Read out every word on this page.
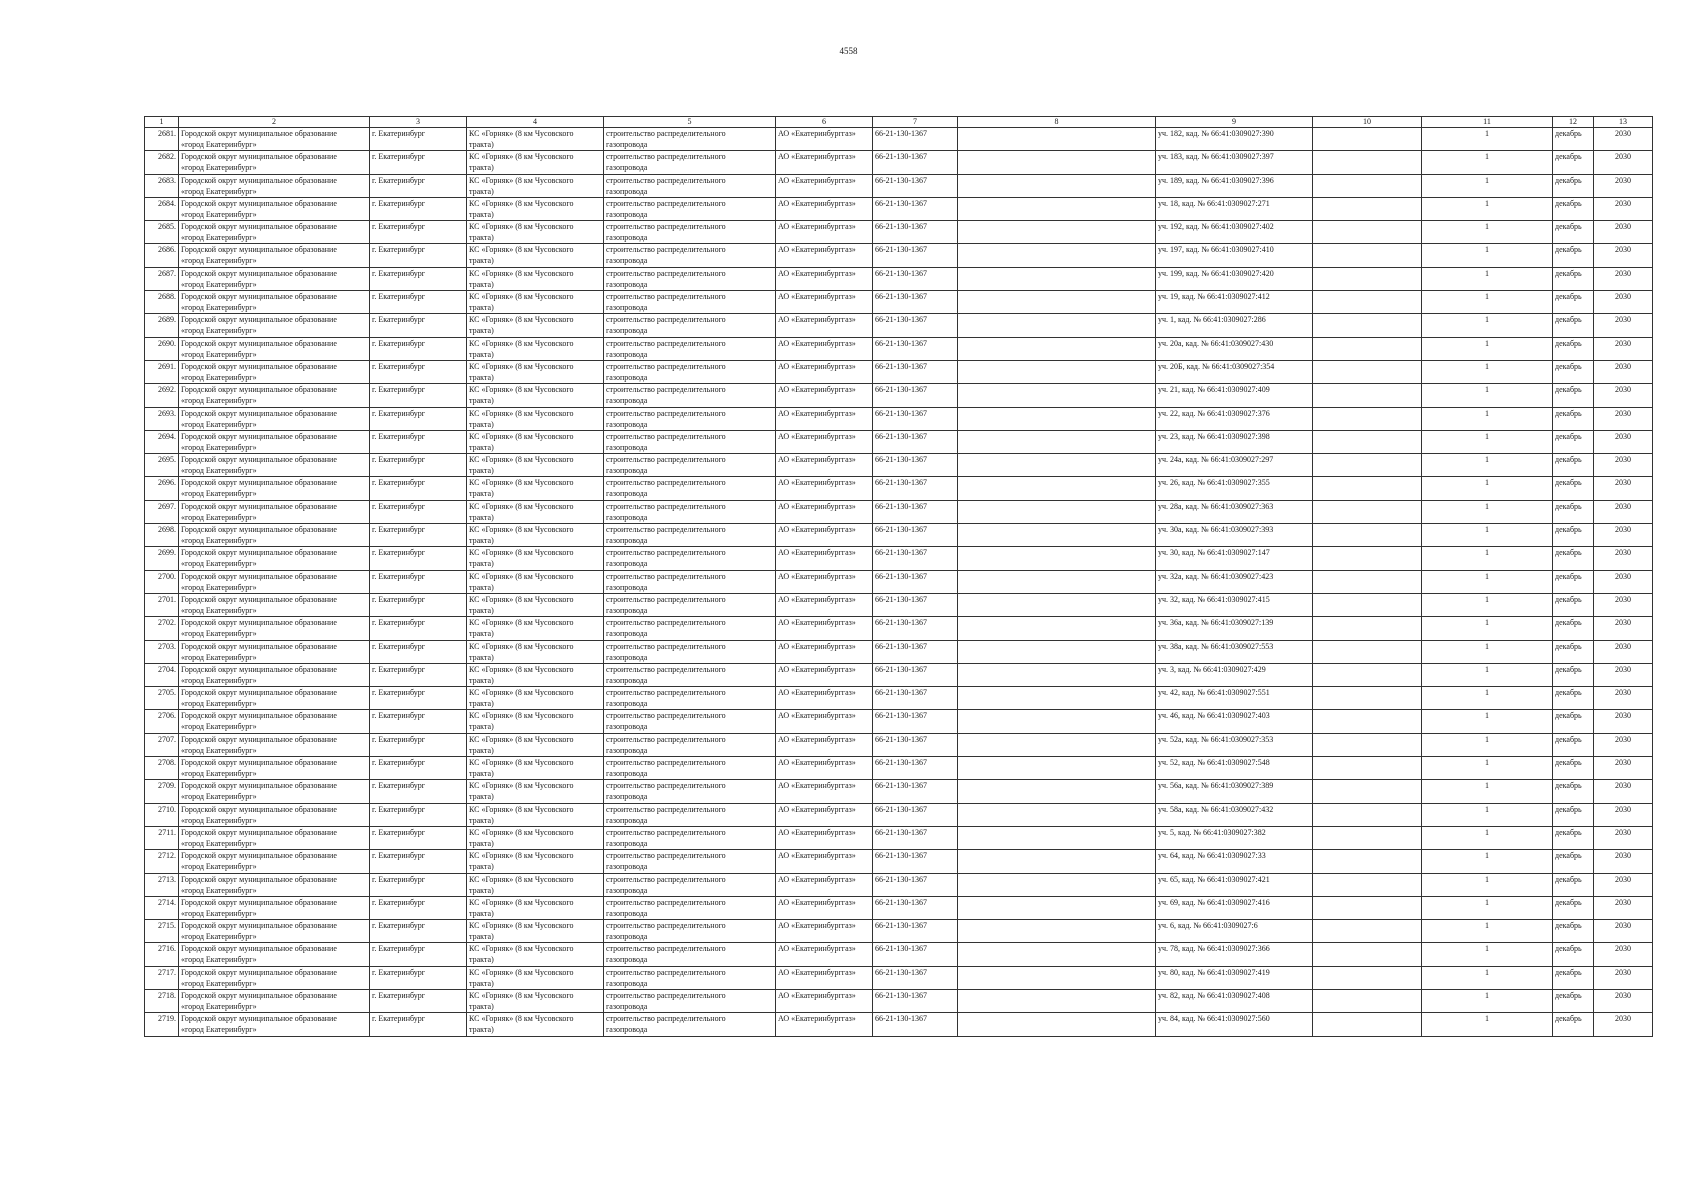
4558
1	2	3	4	5	6	7	8	9	10	11	12	13
2681.	Городской округ муниципальное образование
«город Екатеринбург»	г. Екатеринбург	КС «Горняк» (8 км Чусовского
тракта)	строительство распределительного
газопровода	АО «Екатеринбурггаз»	66-21-130-1367		уч. 182, кад. № 66:41:0309027:390		1	декабрь	2030
2682.	Городской округ муниципальное образование
«город Екатеринбург»	г. Екатеринбург	КС «Горняк» (8 км Чусовского
тракта)	строительство распределительного
газопровода	АО «Екатеринбурггаз»	66-21-130-1367		уч. 183, кад. № 66:41:0309027:397		1	декабрь	2030
2683.	Городской округ муниципальное образование
«город Екатеринбург»	г. Екатеринбург	КС «Горняк» (8 км Чусовского
тракта)	строительство распределительного
газопровода	АО «Екатеринбурггаз»	66-21-130-1367		уч. 189, кад. № 66:41:0309027:396		1	декабрь	2030
2684.	Городской округ муниципальное образование
«город Екатеринбург»	г. Екатеринбург	КС «Горняк» (8 км Чусовского
тракта)	строительство распределительного
газопровода	АО «Екатеринбурггаз»	66-21-130-1367		уч. 18, кад. № 66:41:0309027:271		1	декабрь	2030
2685.	Городской округ муниципальное образование
«город Екатеринбург»	г. Екатеринбург	КС «Горняк» (8 км Чусовского
тракта)	строительство распределительного
газопровода	АО «Екатеринбурггаз»	66-21-130-1367		уч. 192, кад. № 66:41:0309027:402		1	декабрь	2030
2686.	Городской округ муниципальное образование
«город Екатеринбург»	г. Екатеринбург	КС «Горняк» (8 км Чусовского
тракта)	строительство распределительного
газопровода	АО «Екатеринбурггаз»	66-21-130-1367		уч. 197, кад. № 66:41:0309027:410		1	декабрь	2030
2687.	Городской округ муниципальное образование
«город Екатеринбург»	г. Екатеринбург	КС «Горняк» (8 км Чусовского
тракта)	строительство распределительного
газопровода	АО «Екатеринбурггаз»	66-21-130-1367		уч. 199, кад. № 66:41:0309027:420		1	декабрь	2030
2688.	Городской округ муниципальное образование
«город Екатеринбург»	г. Екатеринбург	КС «Горняк» (8 км Чусовского
тракта)	строительство распределительного
газопровода	АО «Екатеринбурггаз»	66-21-130-1367		уч. 19, кад. № 66:41:0309027:412		1	декабрь	2030
2689.	Городской округ муниципальное образование
«город Екатеринбург»	г. Екатеринбург	КС «Горняк» (8 км Чусовского
тракта)	строительство распределительного
газопровода	АО «Екатеринбурггаз»	66-21-130-1367		уч. 1, кад. № 66:41:0309027:286		1	декабрь	2030
2690.	Городской округ муниципальное образование
«город Екатеринбург»	г. Екатеринбург	КС «Горняк» (8 км Чусовского
тракта)	строительство распределительного
газопровода	АО «Екатеринбурггаз»	66-21-130-1367		уч. 20а, кад. № 66:41:0309027:430		1	декабрь	2030
2691.	Городской округ муниципальное образование
«город Екатеринбург»	г. Екатеринбург	КС «Горняк» (8 км Чусовского
тракта)	строительство распределительного
газопровода	АО «Екатеринбурггаз»	66-21-130-1367		уч. 20Б, кад. № 66:41:0309027:354		1	декабрь	2030
2692.	Городской округ муниципальное образование
«город Екатеринбург»	г. Екатеринбург	КС «Горняк» (8 км Чусовского
тракта)	строительство распределительного
газопровода	АО «Екатеринбурггаз»	66-21-130-1367		уч. 21, кад. № 66:41:0309027:409		1	декабрь	2030
2693.	Городской округ муниципальное образование
«город Екатеринбург»	г. Екатеринбург	КС «Горняк» (8 км Чусовского
тракта)	строительство распределительного
газопровода	АО «Екатеринбурггаз»	66-21-130-1367		уч. 22, кад. № 66:41:0309027:376		1	декабрь	2030
2694.	Городской округ муниципальное образование
«город Екатеринбург»	г. Екатеринбург	КС «Горняк» (8 км Чусовского
тракта)	строительство распределительного
газопровода	АО «Екатеринбурггаз»	66-21-130-1367		уч. 23, кад. № 66:41:0309027:398		1	декабрь	2030
2695.	Городской округ муниципальное образование
«город Екатеринбург»	г. Екатеринбург	КС «Горняк» (8 км Чусовского
тракта)	строительство распределительного
газопровода	АО «Екатеринбурггаз»	66-21-130-1367		уч. 24а, кад. № 66:41:0309027:297		1	декабрь	2030
2696.	Городской округ муниципальное образование
«город Екатеринбург»	г. Екатеринбург	КС «Горняк» (8 км Чусовского
тракта)	строительство распределительного
газопровода	АО «Екатеринбурггаз»	66-21-130-1367		уч. 26, кад. № 66:41:0309027:355		1	декабрь	2030
2697.	Городской округ муниципальное образование
«город Екатеринбург»	г. Екатеринбург	КС «Горняк» (8 км Чусовского
тракта)	строительство распределительного
газопровода	АО «Екатеринбурггаз»	66-21-130-1367		уч. 28а, кад. № 66:41:0309027:363		1	декабрь	2030
2698.	Городской округ муниципальное образование
«город Екатеринбург»	г. Екатеринбург	КС «Горняк» (8 км Чусовского
тракта)	строительство распределительного
газопровода	АО «Екатеринбурггаз»	66-21-130-1367		уч. 30а, кад. № 66:41:0309027:393		1	декабрь	2030
2699.	Городской округ муниципальное образование
«город Екатеринбург»	г. Екатеринбург	КС «Горняк» (8 км Чусовского
тракта)	строительство распределительного
газопровода	АО «Екатеринбурггаз»	66-21-130-1367		уч. 30, кад. № 66:41:0309027:147		1	декабрь	2030
2700.	Городской округ муниципальное образование
«город Екатеринбург»	г. Екатеринбург	КС «Горняк» (8 км Чусовского
тракта)	строительство распределительного
газопровода	АО «Екатеринбурггаз»	66-21-130-1367		уч. 32а, кад. № 66:41:0309027:423		1	декабрь	2030
2701.	Городской округ муниципальное образование
«город Екатеринбург»	г. Екатеринбург	КС «Горняк» (8 км Чусовского
тракта)	строительство распределительного
газопровода	АО «Екатеринбурггаз»	66-21-130-1367		уч. 32, кад. № 66:41:0309027:415		1	декабрь	2030
2702.	Городской округ муниципальное образование
«город Екатеринбург»	г. Екатеринбург	КС «Горняк» (8 км Чусовского
тракта)	строительство распределительного
газопровода	АО «Екатеринбурггаз»	66-21-130-1367		уч. 36а, кад. № 66:41:0309027:139		1	декабрь	2030
2703.	Городской округ муниципальное образование
«город Екатеринбург»	г. Екатеринбург	КС «Горняк» (8 км Чусовского
тракта)	строительство распределительного
газопровода	АО «Екатеринбурггаз»	66-21-130-1367		уч. 38а, кад. № 66:41:0309027:553		1	декабрь	2030
2704.	Городской округ муниципальное образование
«город Екатеринбург»	г. Екатеринбург	КС «Горняк» (8 км Чусовского
тракта)	строительство распределительного
газопровода	АО «Екатеринбурггаз»	66-21-130-1367		уч. 3, кад. № 66:41:0309027:429		1	декабрь	2030
2705.	Городской округ муниципальное образование
«город Екатеринбург»	г. Екатеринбург	КС «Горняк» (8 км Чусовского
тракта)	строительство распределительного
газопровода	АО «Екатеринбурггаз»	66-21-130-1367		уч. 42, кад. № 66:41:0309027:551		1	декабрь	2030
2706.	Городской округ муниципальное образование
«город Екатеринбург»	г. Екатеринбург	КС «Горняк» (8 км Чусовского
тракта)	строительство распределительного
газопровода	АО «Екатеринбурггаз»	66-21-130-1367		уч. 46, кад. № 66:41:0309027:403		1	декабрь	2030
2707.	Городской округ муниципальное образование
«город Екатеринбург»	г. Екатеринбург	КС «Горняк» (8 км Чусовского
тракта)	строительство распределительного
газопровода	АО «Екатеринбурггаз»	66-21-130-1367		уч. 52а, кад. № 66:41:0309027:353		1	декабрь	2030
2708.	Городской округ муниципальное образование
«город Екатеринбург»	г. Екатеринбург	КС «Горняк» (8 км Чусовского
тракта)	строительство распределительного
газопровода	АО «Екатеринбурггаз»	66-21-130-1367		уч. 52, кад. № 66:41:0309027:548		1	декабрь	2030
2709.	Городской округ муниципальное образование
«город Екатеринбург»	г. Екатеринбург	КС «Горняк» (8 км Чусовского
тракта)	строительство распределительного
газопровода	АО «Екатеринбурггаз»	66-21-130-1367		уч. 56а, кад. № 66:41:0309027:389		1	декабрь	2030
2710.	Городской округ муниципальное образование
«город Екатеринбург»	г. Екатеринбург	КС «Горняк» (8 км Чусовского
тракта)	строительство распределительного
газопровода	АО «Екатеринбурггаз»	66-21-130-1367		уч. 58а, кад. № 66:41:0309027:432		1	декабрь	2030
2711.	Городской округ муниципальное образование
«город Екатеринбург»	г. Екатеринбург	КС «Горняк» (8 км Чусовского
тракта)	строительство распределительного
газопровода	АО «Екатеринбурггаз»	66-21-130-1367		уч. 5, кад. № 66:41:0309027:382		1	декабрь	2030
2712.	Городской округ муниципальное образование
«город Екатеринбург»	г. Екатеринбург	КС «Горняк» (8 км Чусовского
тракта)	строительство распределительного
газопровода	АО «Екатеринбурггаз»	66-21-130-1367		уч. 64, кад. № 66:41:0309027:33		1	декабрь	2030
2713.	Городской округ муниципальное образование
«город Екатеринбург»	г. Екатеринбург	КС «Горняк» (8 км Чусовского
тракта)	строительство распределительного
газопровода	АО «Екатеринбурггаз»	66-21-130-1367		уч. 65, кад. № 66:41:0309027:421		1	декабрь	2030
2714.	Городской округ муниципальное образование
«город Екатеринбург»	г. Екатеринбург	КС «Горняк» (8 км Чусовского
тракта)	строительство распределительного
газопровода	АО «Екатеринбурггаз»	66-21-130-1367		уч. 69, кад. № 66:41:0309027:416		1	декабрь	2030
2715.	Городской округ муниципальное образование
«город Екатеринбург»	г. Екатеринбург	КС «Горняк» (8 км Чусовского
тракта)	строительство распределительного
газопровода	АО «Екатеринбурггаз»	66-21-130-1367		уч. 6, кад. № 66:41:0309027:6		1	декабрь	2030
2716.	Городской округ муниципальное образование
«город Екатеринбург»	г. Екатеринбург	КС «Горняк» (8 км Чусовского
тракта)	строительство распределительного
газопровода	АО «Екатеринбурггаз»	66-21-130-1367		уч. 78, кад. № 66:41:0309027:366		1	декабрь	2030
2717.	Городской округ муниципальное образование
«город Екатеринбург»	г. Екатеринбург	КС «Горняк» (8 км Чусовского
тракта)	строительство распределительного
газопровода	АО «Екатеринбурггаз»	66-21-130-1367		уч. 80, кад. № 66:41:0309027:419		1	декабрь	2030
2718.	Городской округ муниципальное образование
«город Екатеринбург»	г. Екатеринбург	КС «Горняк» (8 км Чусовского
тракта)	строительство распределительного
газопровода	АО «Екатеринбурггаз»	66-21-130-1367		уч. 82, кад. № 66:41:0309027:408		1	декабрь	2030
2719.	Городской округ муниципальное образование
«город Екатеринбург»	г. Екатеринбург	КС «Горняк» (8 км Чусовского
тракта)	строительство распределительного
газопровода	АО «Екатеринбурггаз»	66-21-130-1367		уч. 84, кад. № 66:41:0309027:560		1	декабрь	2030
